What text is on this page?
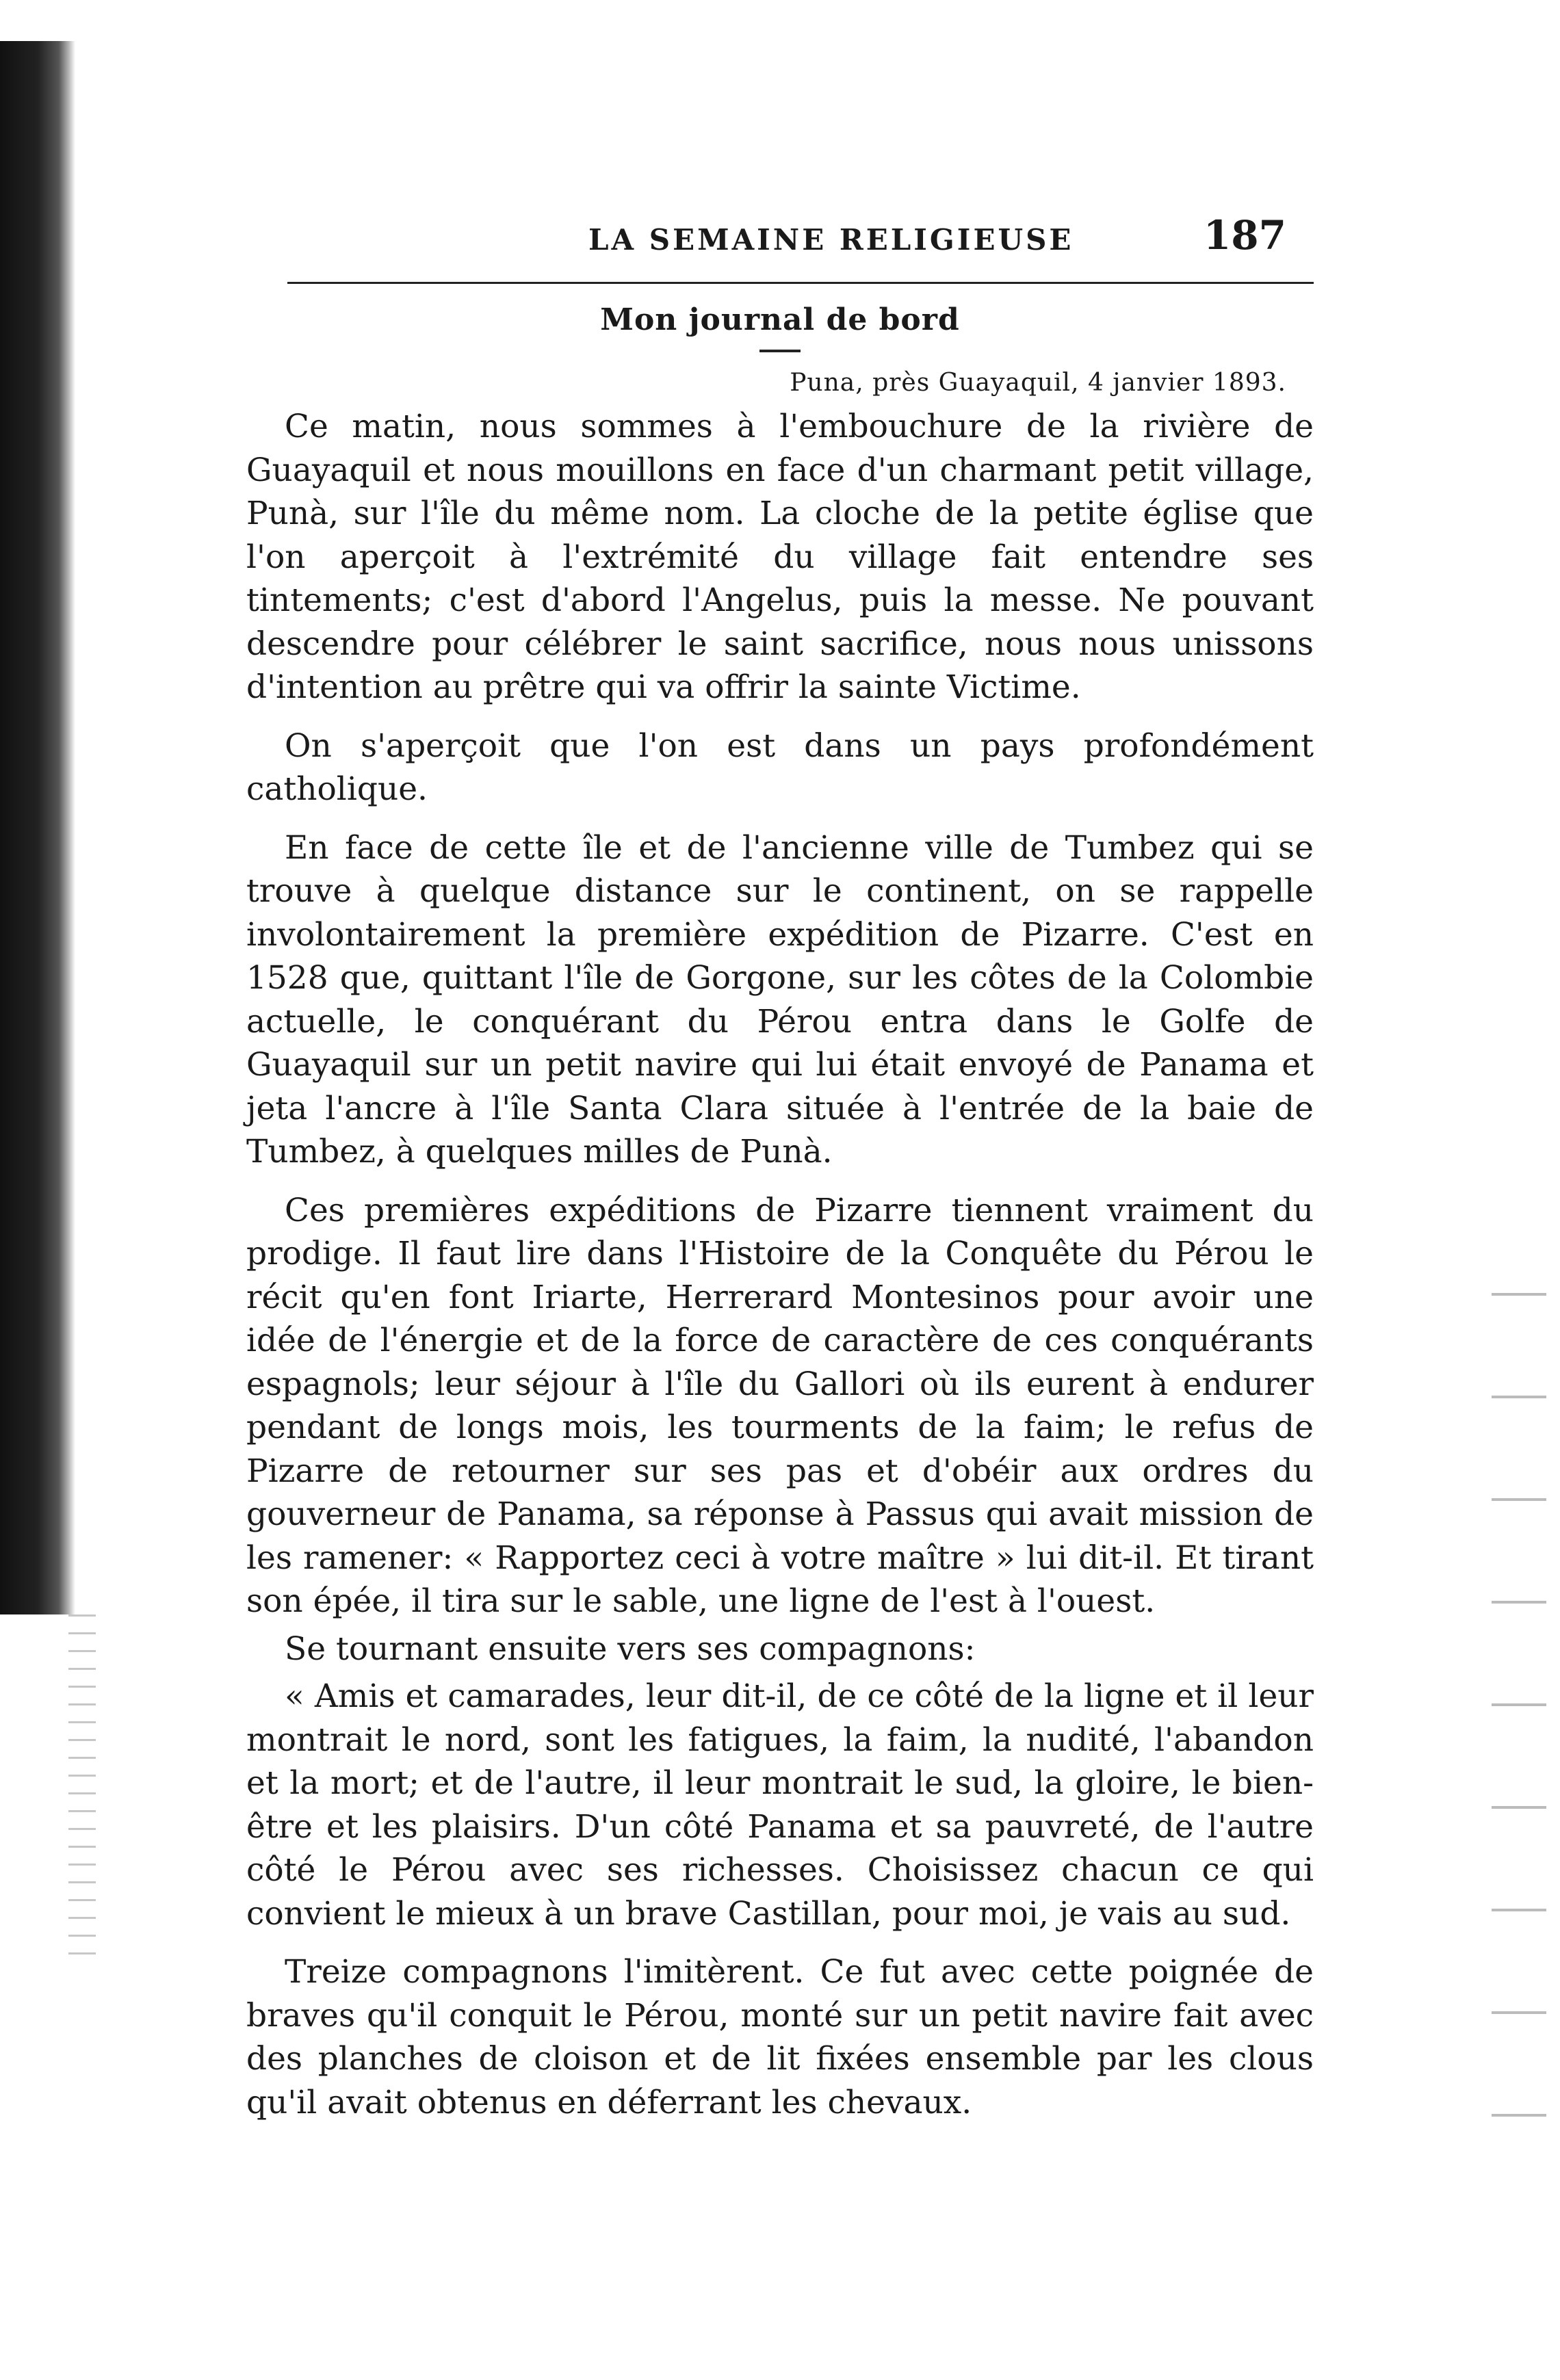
LA SEMAINE RELIGIEUSE	187
Mon journal de bord
Puna, près Guayaquil, 4 janvier 1893.

Ce matin, nous sommes à l'embouchure de la rivière de Guayaquil et nous mouillons en face d'un charmant petit village, Punà, sur l'île du même nom. La cloche de la petite église que l'on aperçoit à l'extrémité du village fait entendre ses tintements; c'est d'abord l'Angelus, puis la messe. Ne pouvant descendre pour célébrer le saint sacrifice, nous nous unissons d'intention au prêtre qui va offrir la sainte Victime.

On s'aperçoit que l'on est dans un pays profondément catholique.

En face de cette île et de l'ancienne ville de Tumbez qui se trouve à quelque distance sur le continent, on se rappelle involontairement la première expédition de Pizarre. C'est en 1528 que, quittant l'île de Gorgone, sur les côtes de la Colombie actuelle, le conquérant du Pérou entra dans le Golfe de Guayaquil sur un petit navire qui lui était envoyé de Panama et jeta l'ancre à l'île Santa Clara située à l'entrée de la baie de Tumbez, à quelques milles de Punà.

Ces premières expéditions de Pizarre tiennent vraiment du prodige. Il faut lire dans l'Histoire de la Conquête du Pérou le récit qu'en font Iriarte, Herrerard Montesinos pour avoir une idée de l'énergie et de la force de caractère de ces conquérants espagnols; leur séjour à l'île du Gallori où ils eurent à endurer pendant de longs mois, les tourments de la faim; le refus de Pizarre de retourner sur ses pas et d'obéir aux ordres du gouverneur de Panama, sa réponse à Passus qui avait mission de les ramener: « Rapportez ceci à votre maître » lui dit-il. Et tirant son épée, il tira sur le sable, une ligne de l'est à l'ouest.

Se tournant ensuite vers ses compagnons:

« Amis et camarades, leur dit-il, de ce côté de la ligne et il leur montrait le nord, sont les fatigues, la faim, la nudité, l'abandon et la mort; et de l'autre, il leur montrait le sud, la gloire, le bien-être et les plaisirs. D'un côté Panama et sa pauvreté, de l'autre côté le Pérou avec ses richesses. Choisissez chacun ce qui convient le mieux à un brave Castillan, pour moi, je vais au sud.

Treize compagnons l'imitèrent. Ce fut avec cette poignée de braves qu'il conquit le Pérou, monté sur un petit navire fait avec des planches de cloison et de lit fixées ensemble par les clous qu'il avait obtenus en déferrant les chevaux.
